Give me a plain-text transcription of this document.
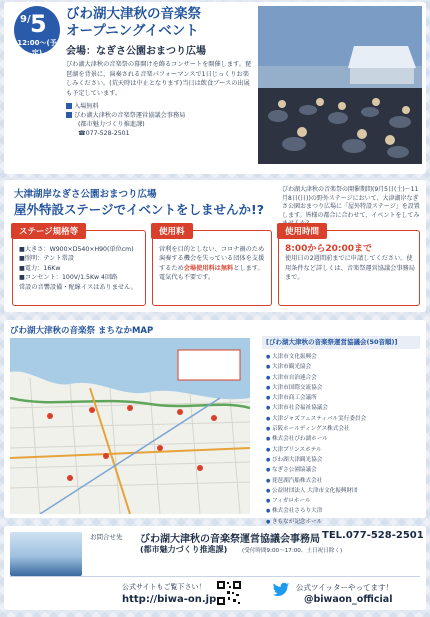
9/ 5
12:00〜(予定)
びわ湖大津秋の音楽祭
オープニングイベント
会場：なぎさ公園おまつり広場
びわ湖大津秋の音楽祭の幕開けを飾るコンサートを開催します。琵琶湖を背景に、演奏される音楽パフォーマンスで1日じっくりお楽しみください。(荒天時は中止となります)当日は飲食ブースの出展も予定しています。
入場無料
びわ湖大津秋の音楽祭運営協議会事務局
(都市魅力づくり推進課)
☎077-528-2501
大津湖岸なぎさ公園おまつり広場
屋外特設ステージでイベントをしませんか!?
びわ湖大津秋の音楽祭の開催期間(9月5日(土)〜11月8日(日))の野外ステージにおいて、大津湖岸なぎさ公園おまつり広場に「屋外特設ステージ」を設置します。皆様の都合に合わせて、イベントをしてみ
ステージ規格等
■大きさ：W900×D540×H90(単位cm)
■照明：テント常設
■電力：16Kw
■コンセント：100V/1.5Kw 4回路
常設の音響設備・配線イスはありません。
使用料
営利を目的としない、コロナ禍のため演奏する機会を失っている団体を支援するため会場使用料は無料とします。電気代も不要です。
使用時間
8:00から20:00まで
使用日の2週間前までに申請してください。使用条件など詳しくは、音楽祭運営協議会事務局まで。
びわ湖大津秋の音楽祭 まちなかMAP
[びわ湖大津秋の音楽祭運営協議会(50音順)]
● 大津市文化振興会
● 大津市観光協会
● 大津市自治連合会
● 大津市国際交流協会
● 大津市商工会議所
● 大津市社会福祉協議会
● 大津ジャズフェスティバル実行委員会
● 京阪ホールディングス株式会社
● 株式会社びわ湖ホール
● 大津プリンスホテル
● びわ湖大津観光協会
● なぎさ公園協議会
● 琵琶湖汽船株式会社
● 公益財団法人 大津市文化振興財団
● フィガロホール
● 株式会社さろり大津
● きもなが記念ホール
お問合せ先 びわ湖大津秋の音楽祭運営協議会事務局 TEL.077-528-2501
(都市魅力づくり推進課)	(受付時間9:00〜17:00、土日祝日除く)
公式サイトもご覧下さい！
http://biwa-on.jp
公式ツイッターやってます！
@biwaon_official
